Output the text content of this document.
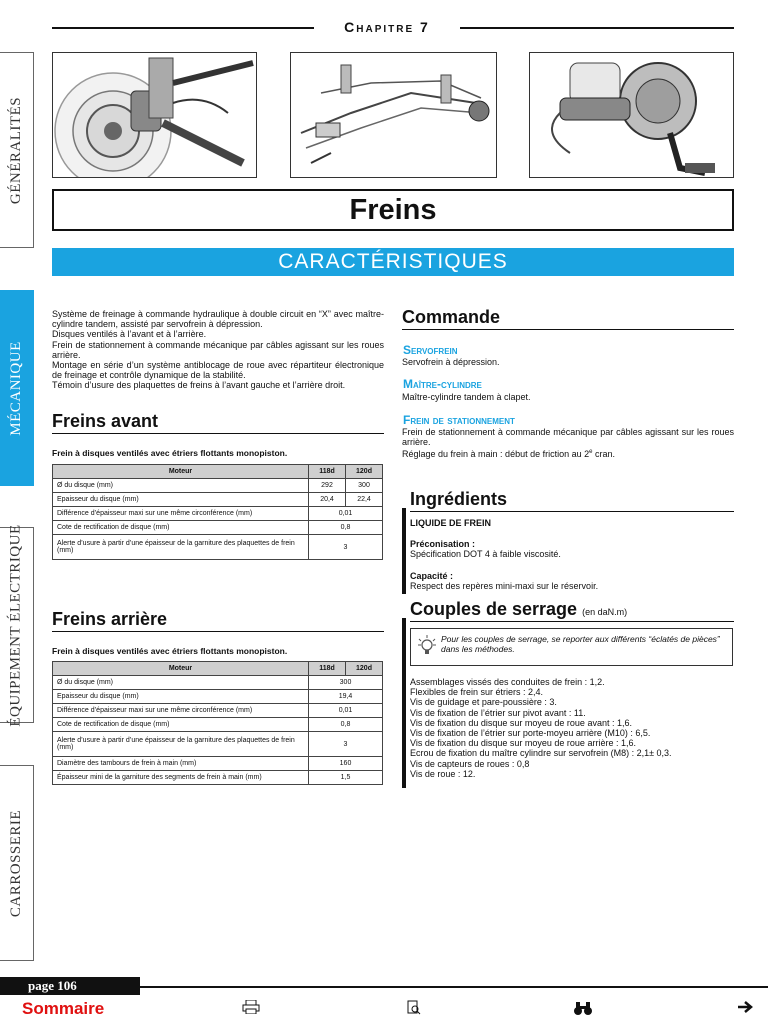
Chapitre 7
Freins
CARACTÉRISTIQUES
GÉNÉRALITÉS
MÉCANIQUE
ÉQUIPEMENT ÉLECTRIQUE
CARROSSERIE

Système de freinage à commande hydraulique à double circuit en “X” avec maître-cylindre tandem, assisté par servofrein à dépression.

Disques ventilés à l’avant et à l’arrière.

Frein de stationnement à commande mécanique par câbles agissant sur les roues arrière.

Montage en série d’un système antiblocage de roue avec répartiteur électronique de freinage et contrôle dynamique de la stabilité.

Témoin d’usure des plaquettes de freins à l’avant gauche et l’arrière droit.

Freins avant
Frein à disques ventilés avec étriers flottants monopiston.
Moteur	118d	120d
Ø du disque (mm)	292	300
Epaisseur du disque (mm)	20,4	22,4
Différence d’épaisseur maxi sur une même circonférence (mm)	0,01	
Cote de rectification de disque (mm)	0,8	
Alerte d’usure à partir d’une épaisseur de la garniture des plaquettes de frein (mm)	3	
Freins arrière
Frein à disques ventilés avec étriers flottants monopiston.
Moteur	118d	120d
Ø du disque (mm)	300	
Epaisseur du disque (mm)	19,4	
Différence d’épaisseur maxi sur une même circonférence (mm)	0,01	
Cote de rectification de disque (mm)	0,8	
Alerte d’usure à partir d’une épaisseur de la garniture des plaquettes de frein (mm)	3	
Diamètre des tambours de frein à main (mm)	160	
Épaisseur mini de la garniture des segments de frein à main (mm)	1,5	
Commande
Servofrein
Servofrein à dépression.
Maître-cylindre
Maître-cylindre tandem à clapet.
Frein de stationnement
Frein de stationnement à commande mécanique par câbles agissant sur les roues arrière.
Réglage du frein à main : début de friction au 2e cran.
Ingrédients
LIQUIDE DE FREIN
Préconisation :
Spécification DOT 4 à faible viscosité.
Capacité :
Respect des repères mini-maxi sur le réservoir.
Couples de serrage (en daN.m)
Pour les couples de serrage, se reporter aux différents “éclatés de pièces” dans les méthodes.
Assemblages vissés des conduites de frein : 1,2.
Flexibles de frein sur étriers : 2,4.
Vis de guidage et pare-poussière : 3.
Vis de fixation de l’étrier sur pivot avant : 11.
Vis de fixation du disque sur moyeu de roue avant : 1,6.
Vis de fixation de l’étrier sur porte-moyeu arrière (M10) : 6,5.
Vis de fixation du disque sur moyeu de roue arrière : 1,6.
Ecrou de fixation du maître cylindre sur servofrein (M8) : 2,1± 0,3.
Vis de capteurs de roues : 0,8
Vis de roue : 12.
page 106
Sommaire
